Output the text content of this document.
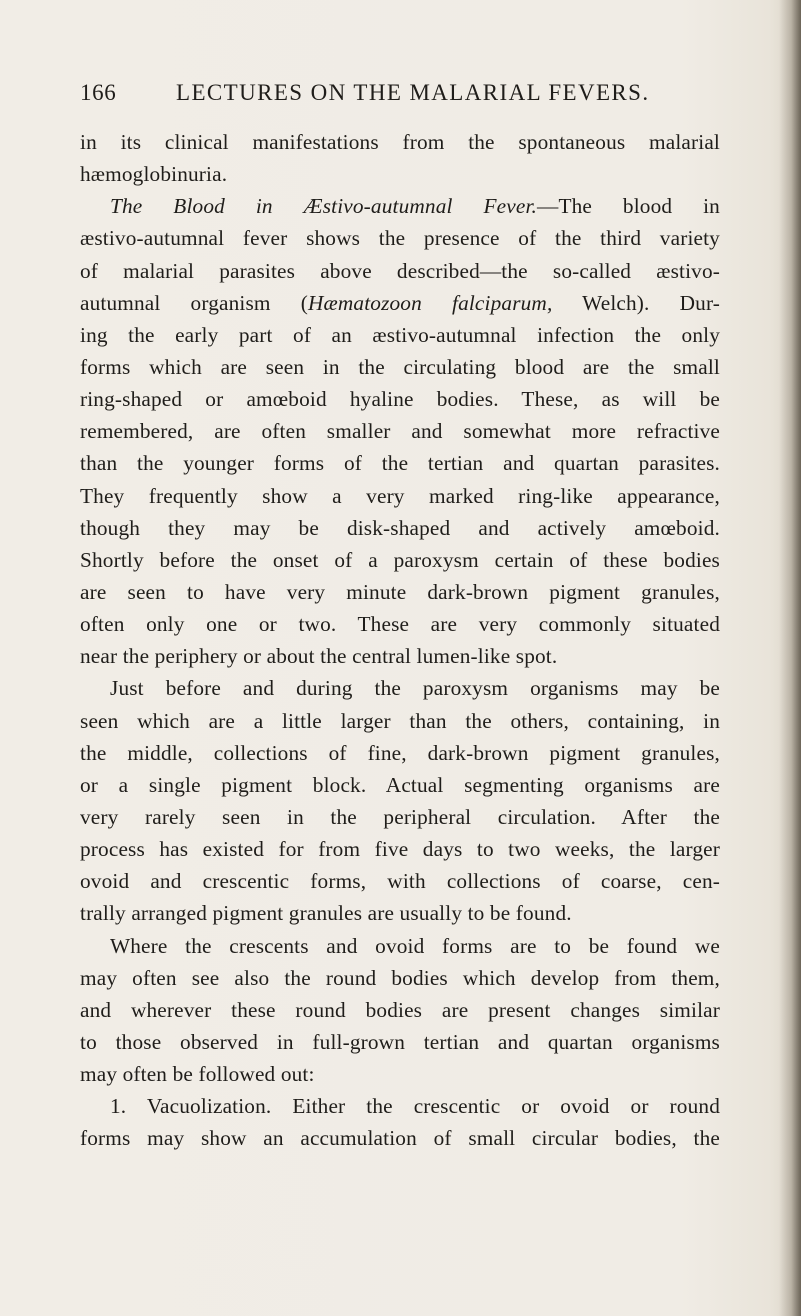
166	LECTURES ON THE MALARIAL FEVERS.
in its clinical manifestations from the spontaneous malarial
hæmoglobinuria.
The Blood in Æstivo-autumnal Fever.—The blood in
æstivo-autumnal fever shows the presence of the third variety
of malarial parasites above described—the so-called æstivo-
autumnal organism (Hæmatozoon falciparum, Welch). Dur-
ing the early part of an æstivo-autumnal infection the only
forms which are seen in the circulating blood are the small
ring-shaped or amœboid hyaline bodies. These, as will be
remembered, are often smaller and somewhat more refractive
than the younger forms of the tertian and quartan parasites.
They frequently show a very marked ring-like appearance,
though they may be disk-shaped and actively amœboid.
Shortly before the onset of a paroxysm certain of these bodies
are seen to have very minute dark-brown pigment granules,
often only one or two. These are very commonly situated
near the periphery or about the central lumen-like spot.
Just before and during the paroxysm organisms may be
seen which are a little larger than the others, containing, in
the middle, collections of fine, dark-brown pigment granules,
or a single pigment block. Actual segmenting organisms are
very rarely seen in the peripheral circulation. After the
process has existed for from five days to two weeks, the larger
ovoid and crescentic forms, with collections of coarse, cen-
trally arranged pigment granules are usually to be found.
Where the crescents and ovoid forms are to be found we
may often see also the round bodies which develop from them,
and wherever these round bodies are present changes similar
to those observed in full-grown tertian and quartan organisms
may often be followed out:
1. Vacuolization. Either the crescentic or ovoid or round
forms may show an accumulation of small circular bodies, the
